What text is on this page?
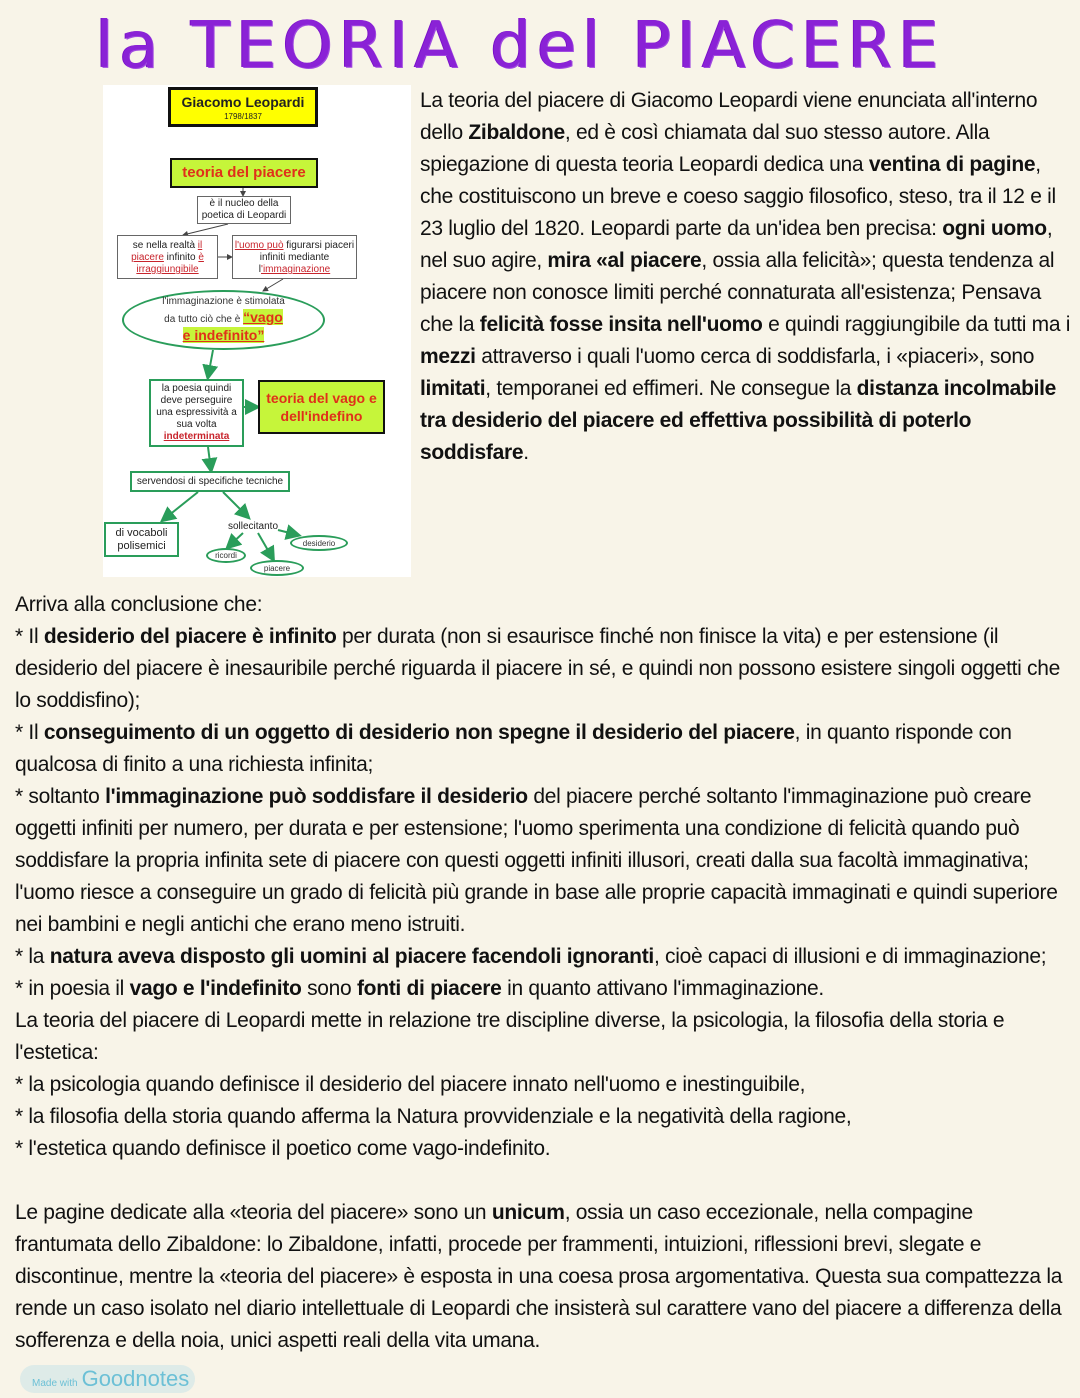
la TEORIA del PIACERE
Giacomo Leopardi
1798/1837
teoria del piacere
è il nucleo della poetica di Leopardi
se nella realtà il piacere infinito è irraggiungibile
l'uomo può figurarsi piaceri infiniti mediante l'immaginazione
l'immaginazione è stimolata
da tutto ciò che è “vago e indefinito”
la poesia quindi deve perseguire una espressività a sua volta
indeterminata
teoria del vago e dell'indefino
servendosi di specifiche tecniche
di vocaboli polisemici
sollecitanto
desiderio
ricordi
piacere
La teoria del piacere di Giacomo Leopardi viene enunciata all'interno dello Zibaldone, ed è così chiamata dal suo stesso autore. Alla spiegazione di questa teoria Leopardi dedica una ventina di pagine, che costituiscono un breve e coeso saggio filosofico, steso, tra il 12 e il 23 luglio del 1820. Leopardi parte da un'idea ben precisa: ogni uomo, nel suo agire, mira «al piacere, ossia alla felicità»; questa tendenza al piacere non conosce limiti perché connaturata all'esistenza; Pensava che la felicità fosse insita nell'uomo e quindi raggiungibile da tutti ma i mezzi attraverso i quali l'uomo cerca di soddisfarla, i «piaceri», sono limitati, temporanei ed effimeri. Ne consegue la distanza incolmabile tra desiderio del piacere ed effettiva possibilità di poterlo soddisfare.

Arriva alla conclusione che:

* Il desiderio del piacere è infinito per durata (non si esaurisce finché non finisce la vita) e per estensione (il desiderio del piacere è inesauribile perché riguarda il piacere in sé, e quindi non possono esistere singoli oggetti che lo soddisfino);

* Il conseguimento di un oggetto di desiderio non spegne il desiderio del piacere, in quanto risponde con qualcosa di finito a una richiesta infinita;

* soltanto l'immaginazione può soddisfare il desiderio del piacere perché soltanto l'immaginazione può creare oggetti infiniti per numero, per durata e per estensione; l'uomo sperimenta una condizione di felicità quando può soddisfare la propria infinita sete di piacere con questi oggetti infiniti illusori, creati dalla sua facoltà immaginativa; l'uomo riesce a conseguire un grado di felicità più grande in base alle proprie capacità immaginati e quindi superiore nei bambini e negli antichi che erano meno istruiti.

* la natura aveva disposto gli uomini al piacere facendoli ignoranti, cioè capaci di illusioni e di immaginazione;

* in poesia il vago e l'indefinito sono fonti di piacere in quanto attivano l'immaginazione.

La teoria del piacere di Leopardi mette in relazione tre discipline diverse, la psicologia, la filosofia della storia e l'estetica:

* la psicologia quando definisce il desiderio del piacere innato nell'uomo e inestinguibile,

* la filosofia della storia quando afferma la Natura provvidenziale e la negatività della ragione,

* l'estetica quando definisce il poetico come vago-indefinito.

Le pagine dedicate alla «teoria del piacere» sono un unicum, ossia un caso eccezionale, nella compagine frantumata dello Zibaldone: lo Zibaldone, infatti, procede per frammenti, intuizioni, riflessioni brevi, slegate e discontinue, mentre la «teoria del piacere» è esposta in una coesa prosa argomentativa. Questa sua compattezza la rende un caso isolato nel diario intellettuale di Leopardi che insisterà sul carattere vano del piacere a differenza della sofferenza e della noia, unici aspetti reali della vita umana.

Made with Goodnotes
